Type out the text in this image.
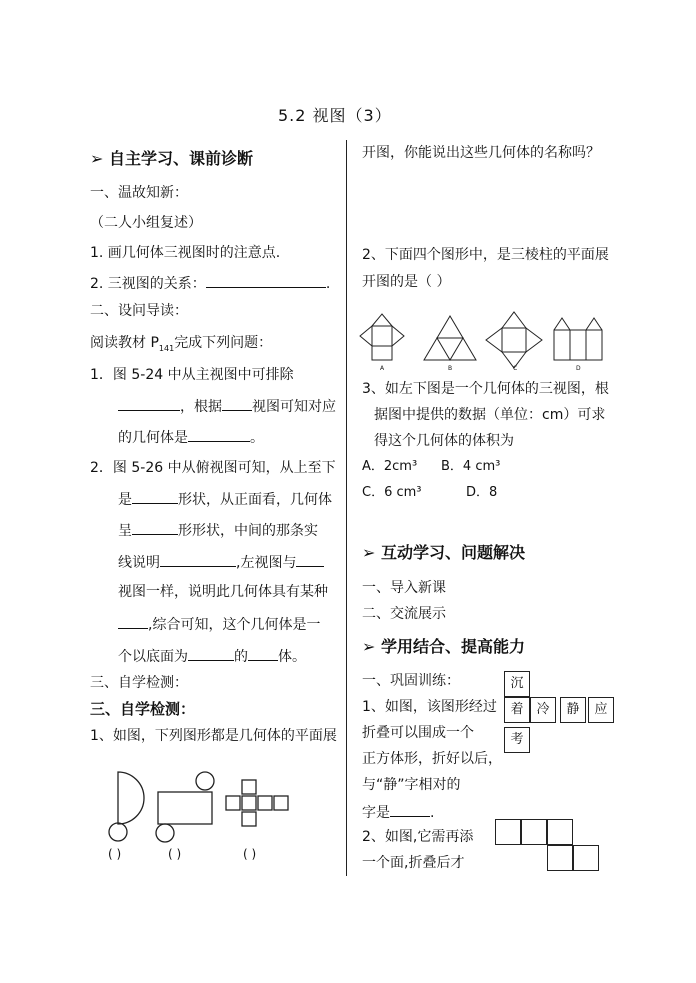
5.2 视图（3）
➢ 自主学习、课前诊断
一、温故知新：
（二人小组复述）
1. 画几何体三视图时的注意点.
2. 三视图的关系：	.
二、设问导读：
阅读教材 $P_{141}$完成下列问题：
1．图 5-24 中从主视图中可排除
，根据 视图可知对应
的几何体是	。
2．图 5-26 中从俯视图可知，从上至下
是	形状，从正面看，几何体
呈	形形状，中间的那条实
线说明	,左视图与
视图一样，说明此几何体具有某种
,综合可知，这个几何体是一
个以底面为	的 体。
三、自学检测：
三、自学检测：
1、如图，下列图形都是几何体的平面展
( )	( )	( )
开图，你能说出这些几何体的名称吗？
2、下面四个图形中，是三棱柱的平面展
开图的是（ ）
A	B	C	D
3、如左下图是一个几何体的三视图，根
据图中提供的数据（单位：cm）可求
得这个几何体的体积为
A．2cm³ B．4 cm³
C．6 cm³	D．8
➢ 互动学习、问题解决
一、导入新课
二、交流展示
➢ 学用结合、提高能力
一、巩固训练：	沉
着 冷	静	应
考
1、如图，该图形经过
折叠可以围成一个
正方体形，折好以后，
与“静”字相对的
字是	.
2、如图,它需再添
一个面,折叠后才
